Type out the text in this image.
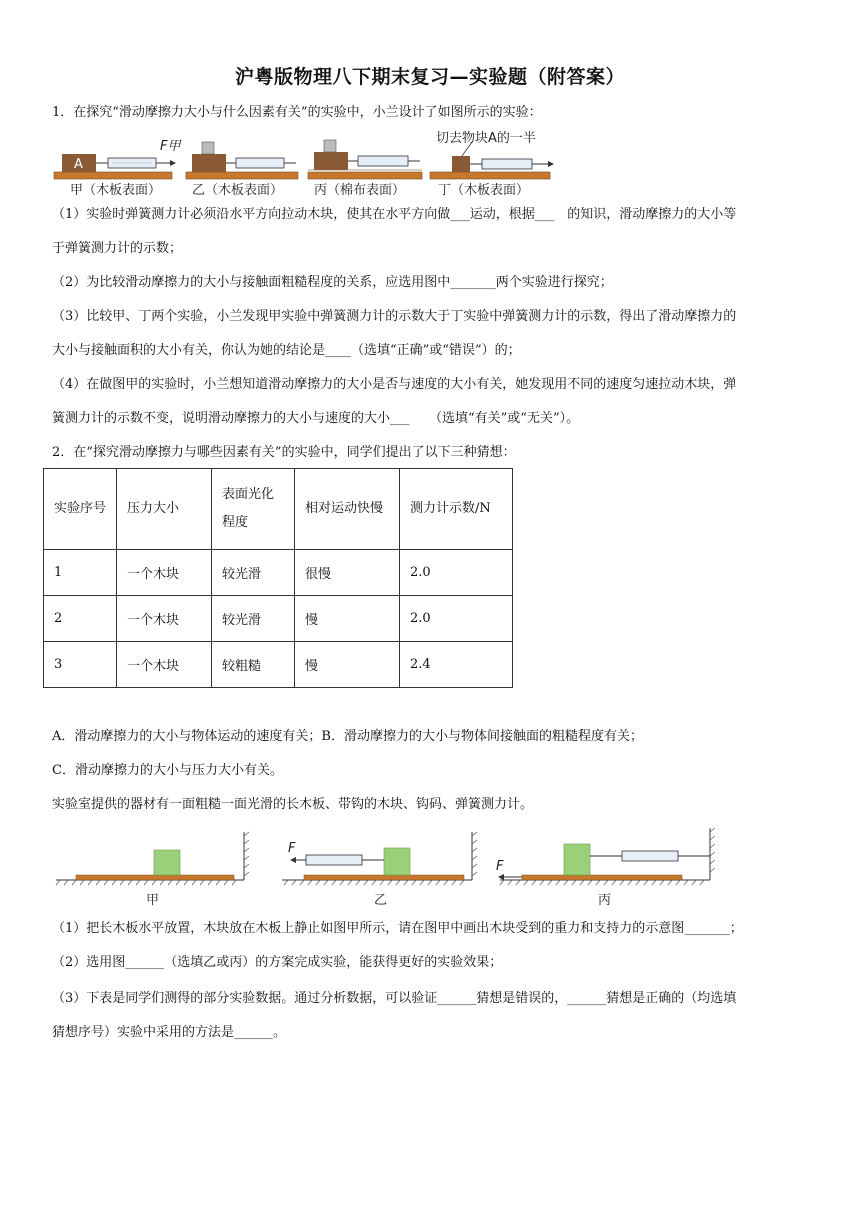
沪粤版物理八下期末复习—实验题（附答案）
1．在探究“滑动摩擦力大小与什么因素有关”的实验中，小兰设计了如图所示的实验：
A
F甲
切去物块A的一半
甲（木板表面） 乙（木板表面） 丙（棉布表面）	丁（木板表面）
（1）实验时弹簧测力计必须沿水平方向拉动木块，使其在水平方向做___运动，根据___　的知识，滑动摩擦力的大小等
于弹簧测力计的示数；
（2）为比较滑动摩擦力的大小与接触面粗糙程度的关系，应选用图中_______两个实验进行探究；
（3）比较甲、丁两个实验，小兰发现甲实验中弹簧测力计的示数大于丁实验中弹簧测力计的示数，得出了滑动摩擦力的
大小与接触面积的大小有关，你认为她的结论是____（选填“正确”或“错误”）的；
（4）在做图甲的实验时，小兰想知道滑动摩擦力的大小是否与速度的大小有关，她发现用不同的速度匀速拉动木块，弹
簧测力计的示数不变，说明滑动摩擦力的大小与速度的大小___　　（选填“有关”或“无关”）。
2．在“探究滑动摩擦力与哪些因素有关”的实验中，同学们提出了以下三种猜想：
实验序号	压力大小	表面光化程度	相对运动快慢	测力计示数/N
1	一个木块	较光滑	很慢	2.0
2	一个木块	较光滑	慢	2.0
3	一个木块	较粗糙	慢	2.4
A．滑动摩擦力的大小与物体运动的速度有关；B．滑动摩擦力的大小与物体间接触面的粗糙程度有关；
C．滑动摩擦力的大小与压力大小有关。
实验室提供的器材有一面粗糙一面光滑的长木板、带钩的木块、钩码、弹簧测力计。
F
F
甲	乙	丙
（1）把长木板水平放置，木块放在木板上静止如图甲所示，请在图甲中画出木块受到的重力和支持力的示意图_______；
（2）选用图______（选填乙或丙）的方案完成实验，能获得更好的实验效果；
（3）下表是同学们测得的部分实验数据。通过分析数据，可以验证______猜想是错误的，______猜想是正确的（均选填
猜想序号）实验中采用的方法是______。
